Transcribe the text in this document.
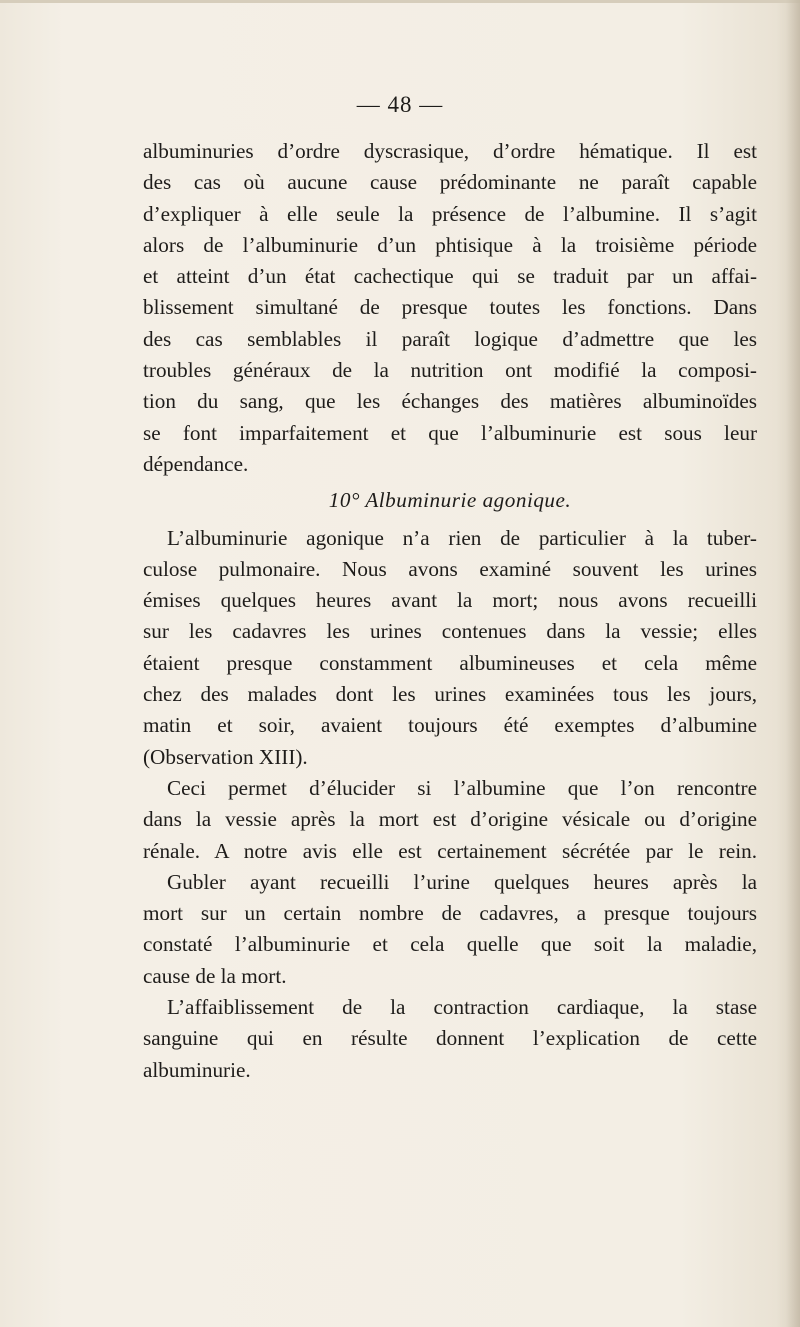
— 48 —
albuminuries d’ordre dyscrasique, d’ordre hématique. Il est
des cas où aucune cause prédominante ne paraît capable
d’expliquer à elle seule la présence de l’albumine. Il s’agit
alors de l’albuminurie d’un phtisique à la troisième période
et atteint d’un état cachectique qui se traduit par un affai-
blissement simultané de presque toutes les fonctions. Dans
des cas semblables il paraît logique d’admettre que les
troubles généraux de la nutrition ont modifié la composi-
tion du sang, que les échanges des matières albuminoïdes
se font imparfaitement et que l’albuminurie est sous leur
dépendance.
10° Albuminurie agonique.
L’albuminurie agonique n’a rien de particulier à la tuber-
culose pulmonaire. Nous avons examiné souvent les urines
émises quelques heures avant la mort; nous avons recueilli
sur les cadavres les urines contenues dans la vessie; elles
étaient presque constamment albumineuses et cela même
chez des malades dont les urines examinées tous les jours,
matin et soir, avaient toujours été exemptes d’albumine
(Observation XIII).
Ceci permet d’élucider si l’albumine que l’on rencontre
dans la vessie après la mort est d’origine vésicale ou d’origine
rénale. A notre avis elle est certainement sécrétée par le rein.
Gubler ayant recueilli l’urine quelques heures après la
mort sur un certain nombre de cadavres, a presque toujours
constaté l’albuminurie et cela quelle que soit la maladie,
cause de la mort.
L’affaiblissement de la contraction cardiaque, la stase
sanguine qui en résulte donnent l’explication de cette
albuminurie.
